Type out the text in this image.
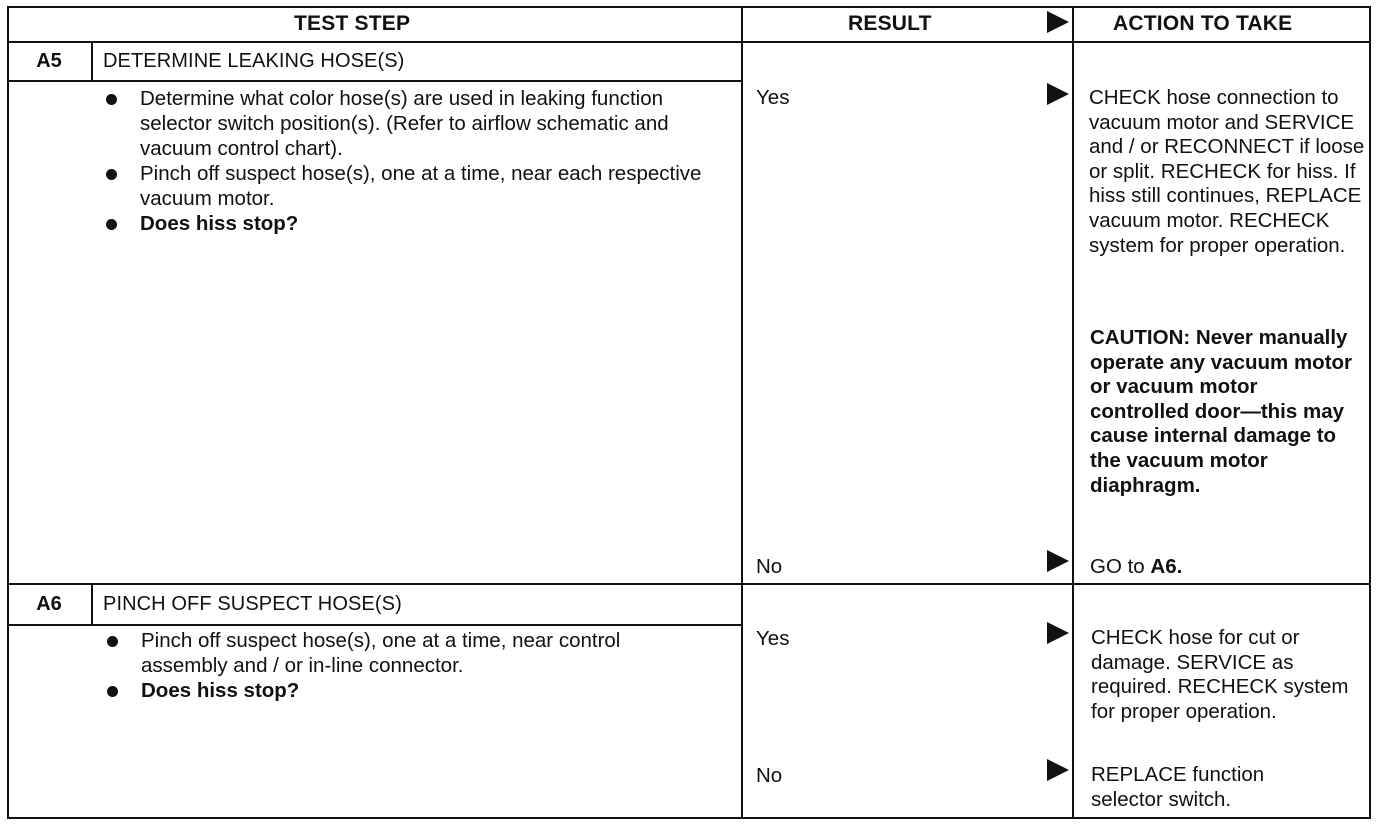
TEST STEP	RESULT	ACTION TO TAKE
A5	DETERMINE LEAKING HOSE(S)
Determine what color hose(s) are used in leaking function selector switch position(s). (Refer to airflow schematic and vacuum control chart).
Pinch off suspect hose(s), one at a time, near each respective vacuum motor.
Does hiss stop?
Yes	CHECK hose connection to vacuum motor and SERVICE and / or RECONNECT if loose or split. RECHECK for hiss. If hiss still continues, REPLACE vacuum motor. RECHECK system for proper operation.
CAUTION: Never manually operate any vacuum motor or vacuum motor controlled door—this may cause internal damage to the vacuum motor diaphragm.
No	GO to A6.
A6	PINCH OFF SUSPECT HOSE(S)
Pinch off suspect hose(s), one at a time, near control assembly and / or in-line connector.
Does hiss stop?
Yes	CHECK hose for cut or damage. SERVICE as required. RECHECK system for proper operation.
No	REPLACE function selector switch.
